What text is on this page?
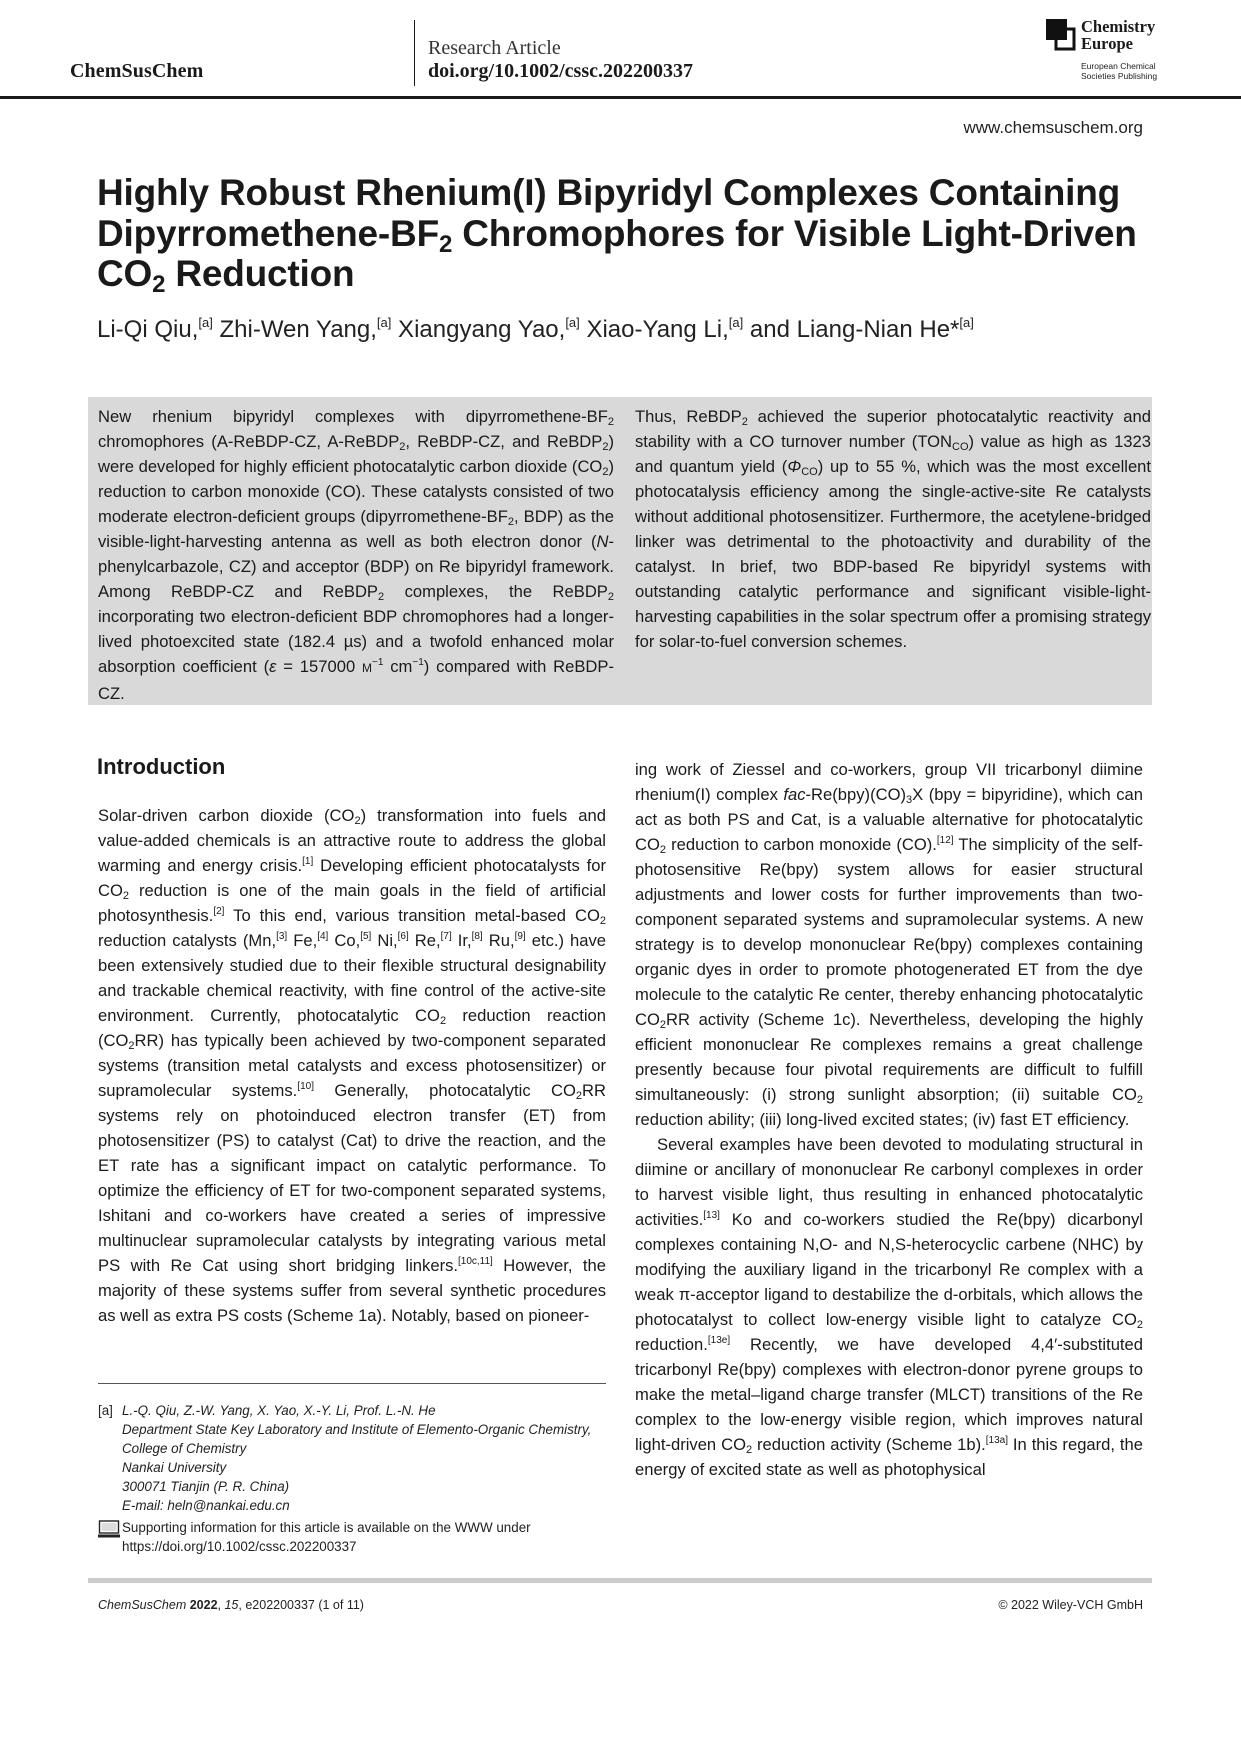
ChemSusChem
Research Article
doi.org/10.1002/cssc.202200337
Chemistry
Europe
European Chemical
Societies Publishing
www.chemsuschem.org
Highly Robust Rhenium(I) Bipyridyl Complexes Containing Dipyrromethene-$BF_2$ Chromophores for Visible Light-Driven $CO_2$ Reduction
Li-Qi Qiu,[a] Zhi-Wen Yang,[a] Xiangyang Yao,[a] Xiao-Yang Li,[a] and Liang-Nian He*[a]
New rhenium bipyridyl complexes with dipyrromethene-$BF_2$ chromophores (A-ReBDP-CZ, A-ReBDP$_2$, ReBDP-CZ, and ReBDP$_2$) were developed for highly efficient photocatalytic carbon dioxide $(CO_2)$ reduction to carbon monoxide (CO). These catalysts consisted of two moderate electron-deficient groups ($dipyrromethene-BF_2$, BDP) as the visible-light-harvesting antenna as well as both electron donor (N-phenylcarbazole, CZ) and acceptor (BDP) on Re bipyridyl framework. Among ReBDP-CZ and ReBDP$_2$ complexes, the ReBDP$_2$ incorporating two electron-deficient BDP chromophores had a longer-lived photoexcited state (182.4 µs) and a twofold enhanced molar absorption coefficient (ε = 157000 $M^{-1}$ $cm^{-1}$) compared with ReBDP-CZ.
Thus, ReBDP$_2$ achieved the superior photocatalytic reactivity and stability with a CO turnover number $(TON_{CO})$ value as high as 1323 and quantum yield $(\Phi_{CO})$ up to 55 %, which was the most excellent photocatalysis efficiency among the single-active-site Re catalysts without additional photosensitizer. Furthermore, the acetylene-bridged linker was detrimental to the photoactivity and durability of the catalyst. In brief, two BDP-based Re bipyridyl systems with outstanding catalytic performance and significant visible-light-harvesting capabilities in the solar spectrum offer a promising strategy for solar-to-fuel conversion schemes.
Introduction

Solar-driven carbon dioxide $(CO_2)$ transformation into fuels and value-added chemicals is an attractive route to address the global warming and energy crisis.[1] Developing efficient photocatalysts for $CO_2$ reduction is one of the main goals in the field of artificial photosynthesis.[2] To this end, various transition metal-based $CO_2$ reduction catalysts (Mn,[3] Fe,[4] Co,[5] Ni,[6] Re,[7] Ir,[8] Ru,[9] etc.) have been extensively studied due to their flexible structural designability and trackable chemical reactivity, with fine control of the active-site environment. Currently, photocatalytic $CO_2$ reduction reaction $(CO_2RR)$ has typically been achieved by two-component separated systems (transition metal catalysts and excess photosensitizer) or supramolecular systems.[10] Generally, photocatalytic $CO_2RR$ systems rely on photoinduced electron transfer (ET) from photosensitizer (PS) to catalyst (Cat) to drive the reaction, and the ET rate has a significant impact on catalytic performance. To optimize the efficiency of ET for two-component separated systems, Ishitani and co-workers have created a series of impressive multinuclear supramolecular catalysts by integrating various metal PS with Re Cat using short bridging linkers.[10c,11] However, the majority of these systems suffer from several synthetic procedures as well as extra PS costs (Scheme 1a). Notably, based on pioneer-

ing work of Ziessel and co-workers, group VII tricarbonyl diimine rhenium(I) complex fac-$Re(bpy)(CO)_3X$ (bpy = bipyridine), which can act as both PS and Cat, is a valuable alternative for photocatalytic $CO_2$ reduction to carbon monoxide (CO).[12] The simplicity of the self-photosensitive Re(bpy) system allows for easier structural adjustments and lower costs for further improvements than two-component separated systems and supramolecular systems. A new strategy is to develop mononuclear Re(bpy) complexes containing organic dyes in order to promote photogenerated ET from the dye molecule to the catalytic Re center, thereby enhancing photocatalytic $CO_2RR$ activity (Scheme 1c). Nevertheless, developing the highly efficient mononuclear Re complexes remains a great challenge presently because four pivotal requirements are difficult to fulfill simultaneously: (i) strong sunlight absorption; (ii) suitable $CO_2$ reduction ability; (iii) long-lived excited states; (iv) fast ET efficiency.

Several examples have been devoted to modulating structural in diimine or ancillary of mononuclear Re carbonyl complexes in order to harvest visible light, thus resulting in enhanced photocatalytic activities.[13] Ko and co-workers studied the Re(bpy) dicarbonyl complexes containing N,O- and N,S-heterocyclic carbene (NHC) by modifying the auxiliary ligand in the tricarbonyl Re complex with a weak π-acceptor ligand to destabilize the d-orbitals, which allows the photocatalyst to collect low-energy visible light to catalyze $CO_2$ reduction.[13e] Recently, we have developed 4,4′-substituted tricarbonyl Re(bpy) complexes with electron-donor pyrene groups to make the metal–ligand charge transfer (MLCT) transitions of the Re complex to the low-energy visible region, which improves natural light-driven $CO_2$ reduction activity (Scheme 1b).[13a] In this regard, the energy of excited state as well as photophysical

[a] L.-Q. Qiu, Z.-W. Yang, X. Yao, X.-Y. Li, Prof. L.-N. He
Department State Key Laboratory and Institute of Elemento-Organic Chemistry, College of Chemistry
Nankai University
300071 Tianjin (P. R. China)
E-mail: heln@nankai.edu.cn
Supporting information for this article is available on the WWW under https://doi.org/10.1002/cssc.202200337
ChemSusChem 2022, 15, e202200337 (1 of 11)	© 2022 Wiley-VCH GmbH
